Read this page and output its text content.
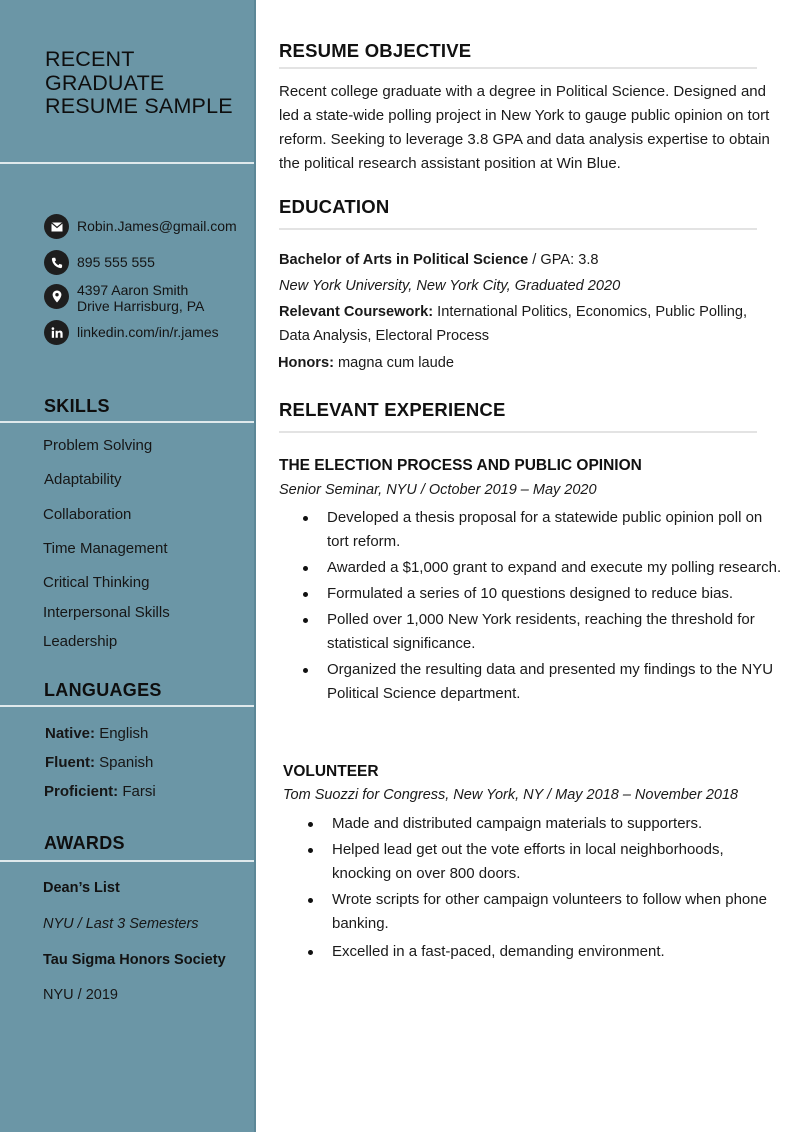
RECENT
GRADUATE
RESUME SAMPLE
Robin.James@gmail.com
895 555 555
4397 Aaron Smith
Drive Harrisburg, PA
linkedin.com/in/r.james
SKILLS
Problem Solving
Adaptability
Collaboration
Time Management
Critical Thinking
Interpersonal Skills
Leadership
LANGUAGES
Native: English
Fluent: Spanish
Proficient: Farsi
AWARDS
Dean’s List
NYU / Last 3 Semesters
Tau Sigma Honors Society
NYU / 2019
RESUME OBJECTIVE
Recent college graduate with a degree in Political Science. Designed and led a state-wide polling project in New York to gauge public opinion on tort reform. Seeking to leverage 3.8 GPA and data analysis expertise to obtain the political research assistant position at Win Blue.
EDUCATION
Bachelor of Arts in Political Science / GPA: 3.8
New York University, New York City, Graduated 2020
Relevant Coursework: International Politics, Economics, Public Polling, Data Analysis, Electoral Process
Honors: magna cum laude
RELEVANT EXPERIENCE
THE ELECTION PROCESS AND PUBLIC OPINION
Senior Seminar, NYU / October 2019 – May 2020
Developed a thesis proposal for a statewide public opinion poll on tort reform.
Awarded a $1,000 grant to expand and execute my polling research.
Formulated a series of 10 questions designed to reduce bias.
Polled over 1,000 New York residents, reaching the threshold for statistical significance.
Organized the resulting data and presented my findings to the NYU Political Science department.
VOLUNTEER
Tom Suozzi for Congress, New York, NY / May 2018 – November 2018
Made and distributed campaign materials to supporters.
Helped lead get out the vote efforts in local neighborhoods, knocking on over 800 doors.
Wrote scripts for other campaign volunteers to follow when phone banking.
Excelled in a fast-paced, demanding environment.
